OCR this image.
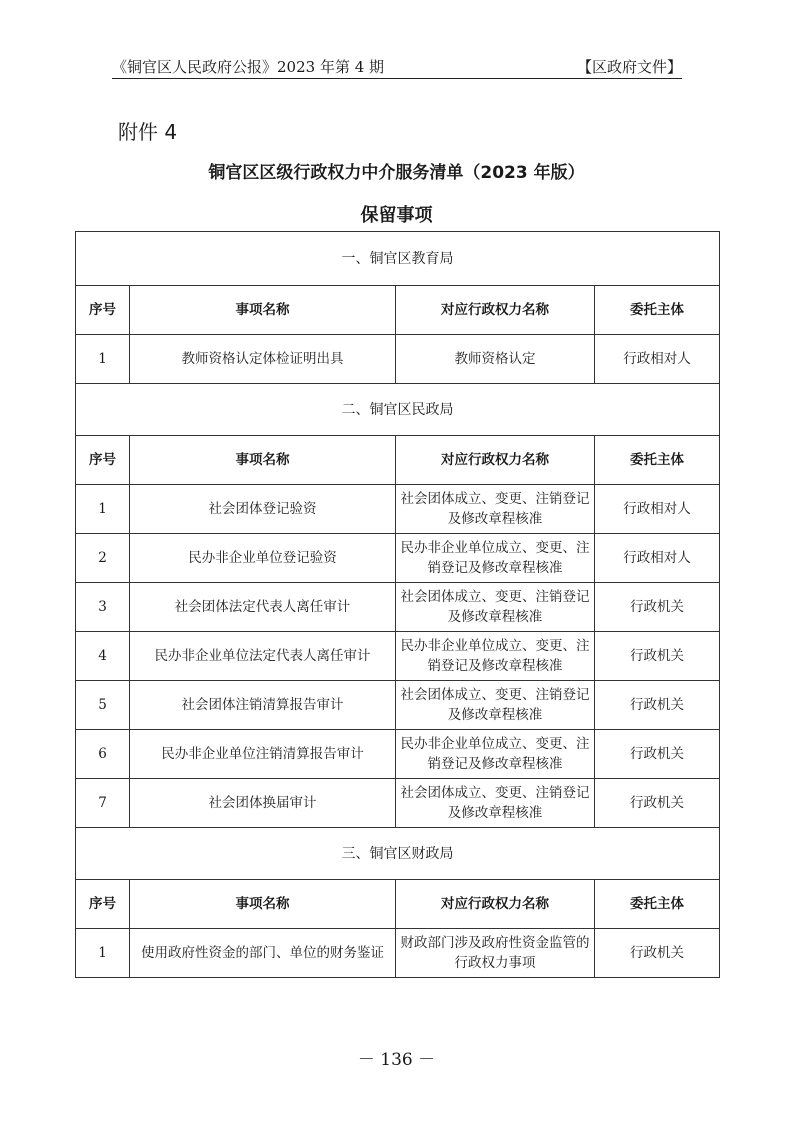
《铜官区人民政府公报》2023 年第 4 期	【区政府文件】
附件 4
铜官区区级行政权力中介服务清单（2023 年版）
保留事项
一、铜官区教育局			
序号	事项名称	对应行政权力名称	委托主体
1	教师资格认定体检证明出具	教师资格认定	行政相对人
二、铜官区民政局			
序号	事项名称	对应行政权力名称	委托主体
1	社会团体登记验资	社会团体成立、变更、注销登记及修改章程核准	行政相对人
2	民办非企业单位登记验资	民办非企业单位成立、变更、注销登记及修改章程核准	行政相对人
3	社会团体法定代表人离任审计	社会团体成立、变更、注销登记及修改章程核准	行政机关
4	民办非企业单位法定代表人离任审计	民办非企业单位成立、变更、注销登记及修改章程核准	行政机关
5	社会团体注销清算报告审计	社会团体成立、变更、注销登记及修改章程核准	行政机关
6	民办非企业单位注销清算报告审计	民办非企业单位成立、变更、注销登记及修改章程核准	行政机关
7	社会团体换届审计	社会团体成立、变更、注销登记及修改章程核准	行政机关
三、铜官区财政局			
序号	事项名称	对应行政权力名称	委托主体
1	使用政府性资金的部门、单位的财务鉴证	财政部门涉及政府性资金监管的行政权力事项	行政机关
－ 136 －
